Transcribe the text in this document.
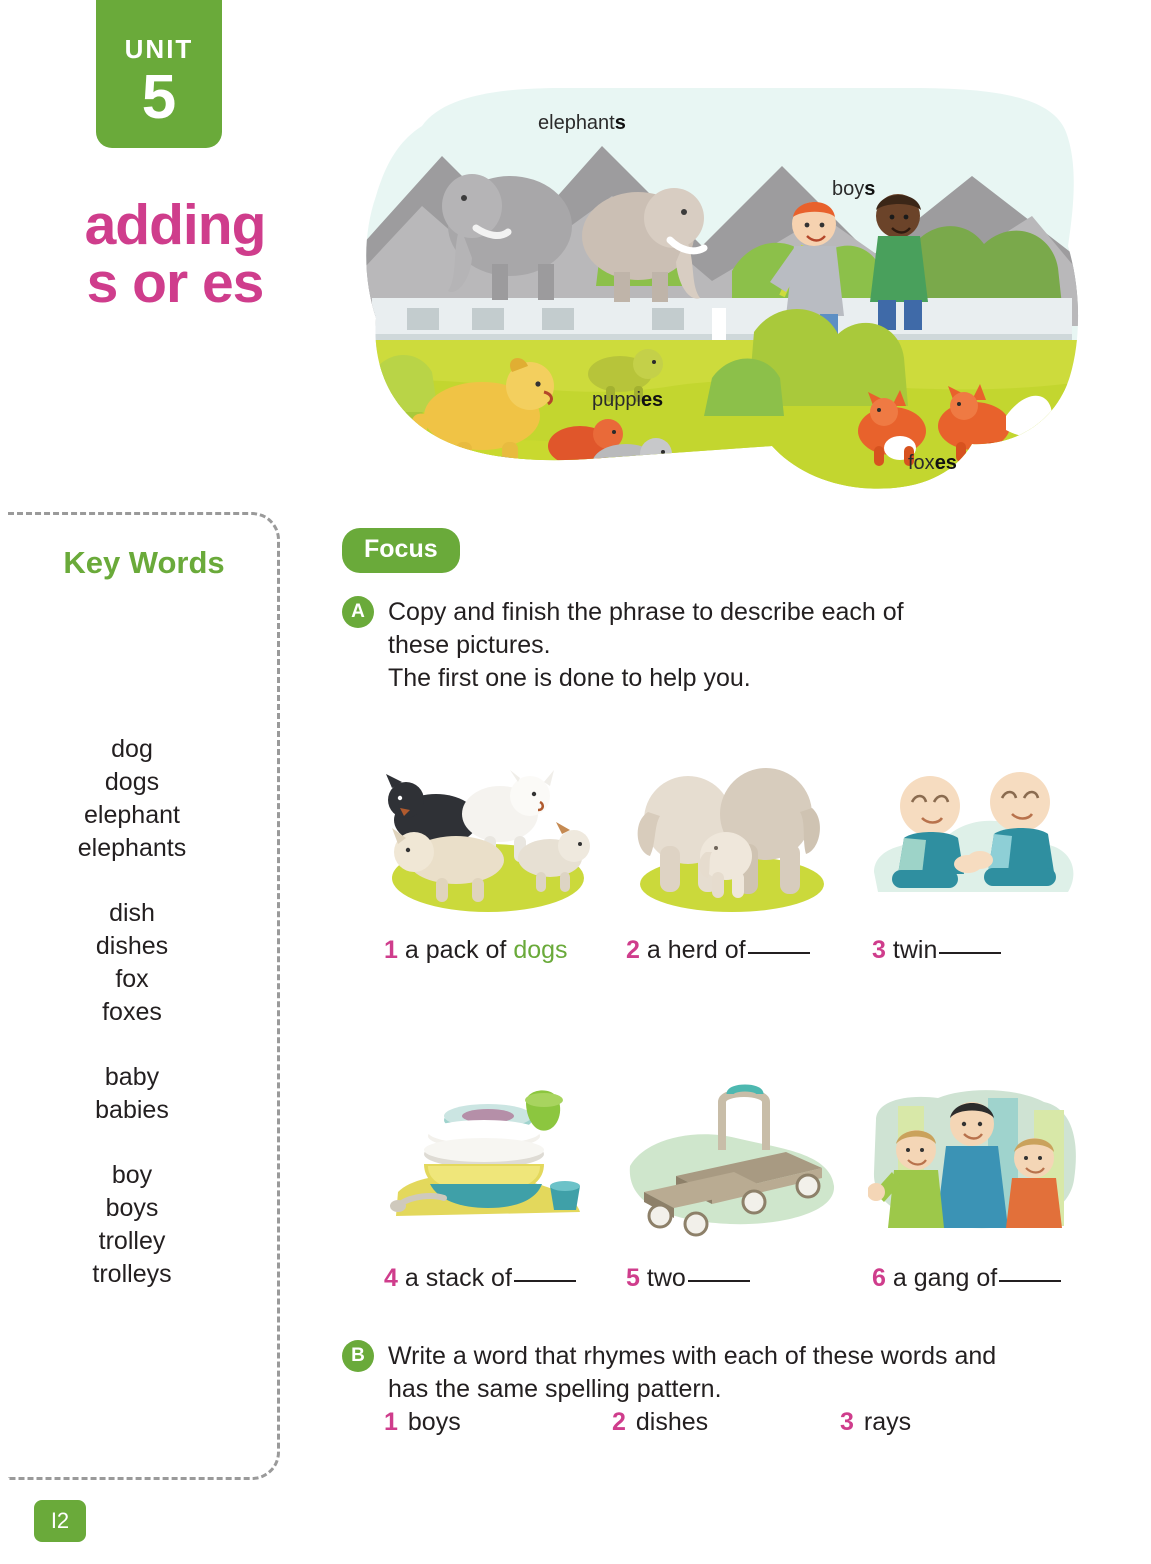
UNIT
5
adding
s or es
elephants
boys
puppies
foxes
Key Words
dog
dogs
elephant
elephants
dish
dishes
fox
foxes
baby
babies
boy
boys
trolley
trolleys
Focus
A Copy and finish the phrase to describe each of
these pictures.
The first one is done to help you.
1 a pack of dogs	2 a herd of	3 twin
4 a stack of	5 two	6 a gang of
B Write a word that rhymes with each of these words and
has the same spelling pattern.
1 boys	2 dishes	3 rays
I2
